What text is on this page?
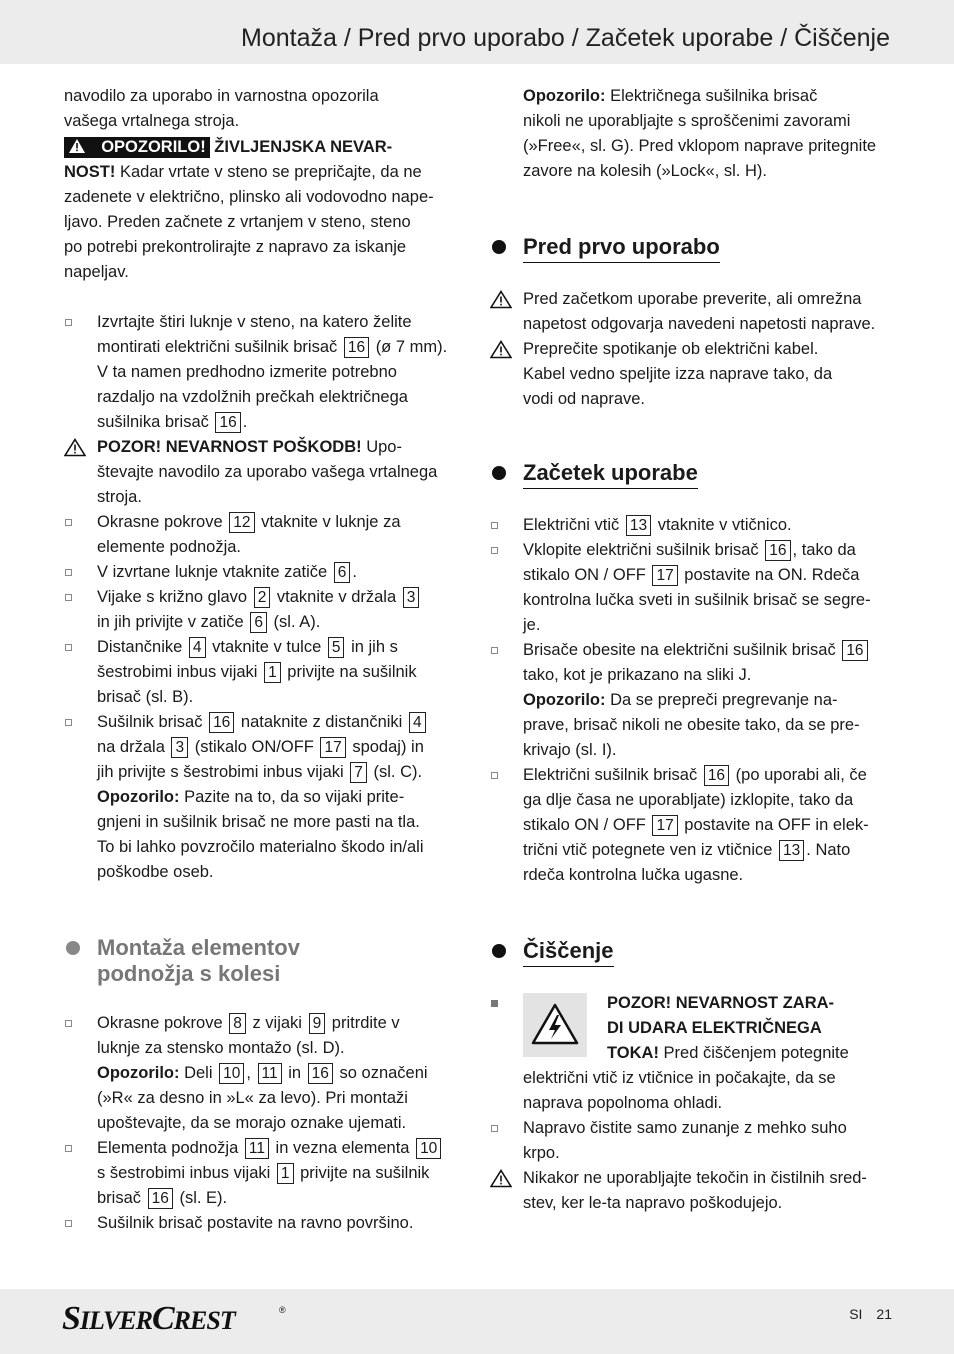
Montaža / Pred prvo uporabo / Začetek uporabe / Čiščenje

navodilo za uporabo in varnostna opozorila vašega vrtalnega stroja.

OPOZORILO! ŽIVLJENJSKA NEVAR-

NOST! Kadar vrtate v steno se prepričajte, da ne

zadenete v električno, plinsko ali vodovodno nape-

ljavo. Preden začnete z vrtanjem v steno, steno

po potrebi prekontrolirajte z napravo za iskanje

napeljav.

Izvrtajte štiri luknje v steno, na katero želite

montirati električni sušilnik brisač 16 (ø 7 mm).

V ta namen predhodno izmerite potrebno

razdaljo na vzdolžnih prečkah električnega

sušilnika brisač 16 .

POZOR! NEVARNOST POŠKODB! Upo-

števajte navodilo za uporabo vašega vrtalnega

stroja.

Okrasne pokrove 12 vtaknite v luknje za

elemente podnožja.

V izvrtane luknje vtaknite zatiče 6 .

Vijake s križno glavo 2 vtaknite v držala 3

in jih privijte v zatiče 6 (sl. A).

Distančnike 4 vtaknite v tulce 5 in jih s

šestrobimi inbus vijaki 1 privijte na sušilnik

brisač (sl. B).

Sušilnik brisač 16 nataknite z distančniki 4

na držala 3 (stikalo ON/OFF 17 spodaj) in

jih privijte s šestrobimi inbus vijaki 7 (sl. C).

Opozorilo: Pazite na to, da so vijaki prite-

gnjeni in sušilnik brisač ne more pasti na tla.

To bi lahko povzročilo materialno škodo in/ali

poškodbe oseb.

Montaža elementov
podnožja s kolesi

Okrasne pokrove 8 z vijaki 9 pritrdite v

luknje za stensko montažo (sl. D).

Opozorilo: Deli 10 , 11 in 16 so označeni

(»R« za desno in »L« za levo). Pri montaži

upoštevajte, da se morajo oznake ujemati.

Elementa podnožja 11 in vezna elementa 10

s šestrobimi inbus vijaki 1 privijte na sušilnik

brisač 16 (sl. E).

Sušilnik brisač postavite na ravno površino.

Opozorilo: Električnega sušilnika brisač

nikoli ne uporabljajte s sproščenimi zavorami

(»Free«, sl. G). Pred vklopom naprave pritegnite

zavore na kolesih (»Lock«, sl. H).

Pred prvo uporabo

Pred začetkom uporabe preverite, ali omrežna

napetost odgovarja navedeni napetosti naprave.

Preprečite spotikanje ob električni kabel.

Kabel vedno speljite izza naprave tako, da

vodi od naprave.

Začetek uporabe

Električni vtič 13 vtaknite v vtičnico.

Vklopite električni sušilnik brisač 16 , tako da

stikalo ON / OFF 17 postavite na ON. Rdeča

kontrolna lučka sveti in sušilnik brisač se segre-

je.

Brisače obesite na električni sušilnik brisač 16

tako, kot je prikazano na sliki J.

Opozorilo: Da se prepreči pregrevanje na-

prave, brisač nikoli ne obesite tako, da se pre-

krivajo (sl. I).

Električni sušilnik brisač 16 (po uporabi ali, če

ga dlje časa ne uporabljate) izklopite, tako da

stikalo ON / OFF 17 postavite na OFF in elek-

trični vtič potegnete ven iz vtičnice 13 . Nato

rdeča kontrolna lučka ugasne.

Čiščenje

POZOR! NEVARNOST ZARA-

DI UDARA ELEKTRIČNEGA

TOKA! Pred čiščenjem potegnite

električni vtič iz vtičnice in počakajte, da se

naprava popolnoma ohladi.

Napravo čistite samo zunanje z mehko suho

krpo.

Nikakor ne uporabljajte tekočin in čistilnih sred-

stev, ker le-ta napravo poškodujejo.

SILVERCREST	®	SI 21
